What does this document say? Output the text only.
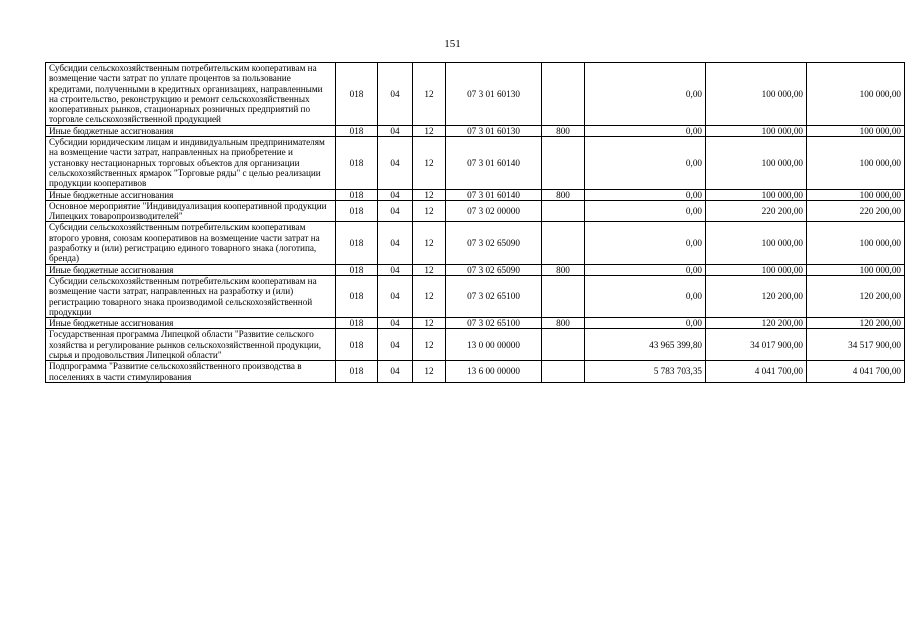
151
Субсидии сельскохозяйственным потребительским кооперативам на возмещение части затрат по уплате процентов за пользование кредитами, полученными в кредитных организациях, направленными на строительство, реконструкцию и ремонт сельскохозяйственных кооперативных рынков, стационарных розничных предприятий по торговле сельскохозяйственной продукцией	018	04	12	07 3 01 60130		0,00	100 000,00	100 000,00
Иные бюджетные ассигнования	018	04	12	07 3 01 60130	800	0,00	100 000,00	100 000,00
Субсидии юридическим лицам и индивидуальным предпринимателям на возмещение части затрат, направленных на приобретение и установку нестационарных торговых объектов для организации сельскохозяйственных ярмарок "Торговые ряды" с целью реализации продукции кооперативов	018	04	12	07 3 01 60140		0,00	100 000,00	100 000,00
Иные бюджетные ассигнования	018	04	12	07 3 01 60140	800	0,00	100 000,00	100 000,00
Основное мероприятие "Индивидуализация кооперативной продукции Липецких товаропроизводителей"	018	04	12	07 3 02 00000		0,00	220 200,00	220 200,00
Субсидии сельскохозяйственным потребительским кооперативам второго уровня, союзам кооперативов на возмещение части затрат на разработку и (или) регистрацию единого товарного знака (логотипа, бренда)	018	04	12	07 3 02 65090		0,00	100 000,00	100 000,00
Иные бюджетные ассигнования	018	04	12	07 3 02 65090	800	0,00	100 000,00	100 000,00
Субсидии сельскохозяйственным потребительским кооперативам на возмещение части затрат, направленных на разработку и (или) регистрацию товарного знака производимой сельскохозяйственной продукции	018	04	12	07 3 02 65100		0,00	120 200,00	120 200,00
Иные бюджетные ассигнования	018	04	12	07 3 02 65100	800	0,00	120 200,00	120 200,00
Государственная программа Липецкой области "Развитие сельского хозяйства и регулирование рынков сельскохозяйственной продукции, сырья и продовольствия Липецкой области"	018	04	12	13 0 00 00000		43 965 399,80	34 017 900,00	34 517 900,00
Подпрограмма "Развитие сельскохозяйственного производства в поселениях в части стимулирования	018	04	12	13 6 00 00000		5 783 703,35	4 041 700,00	4 041 700,00
